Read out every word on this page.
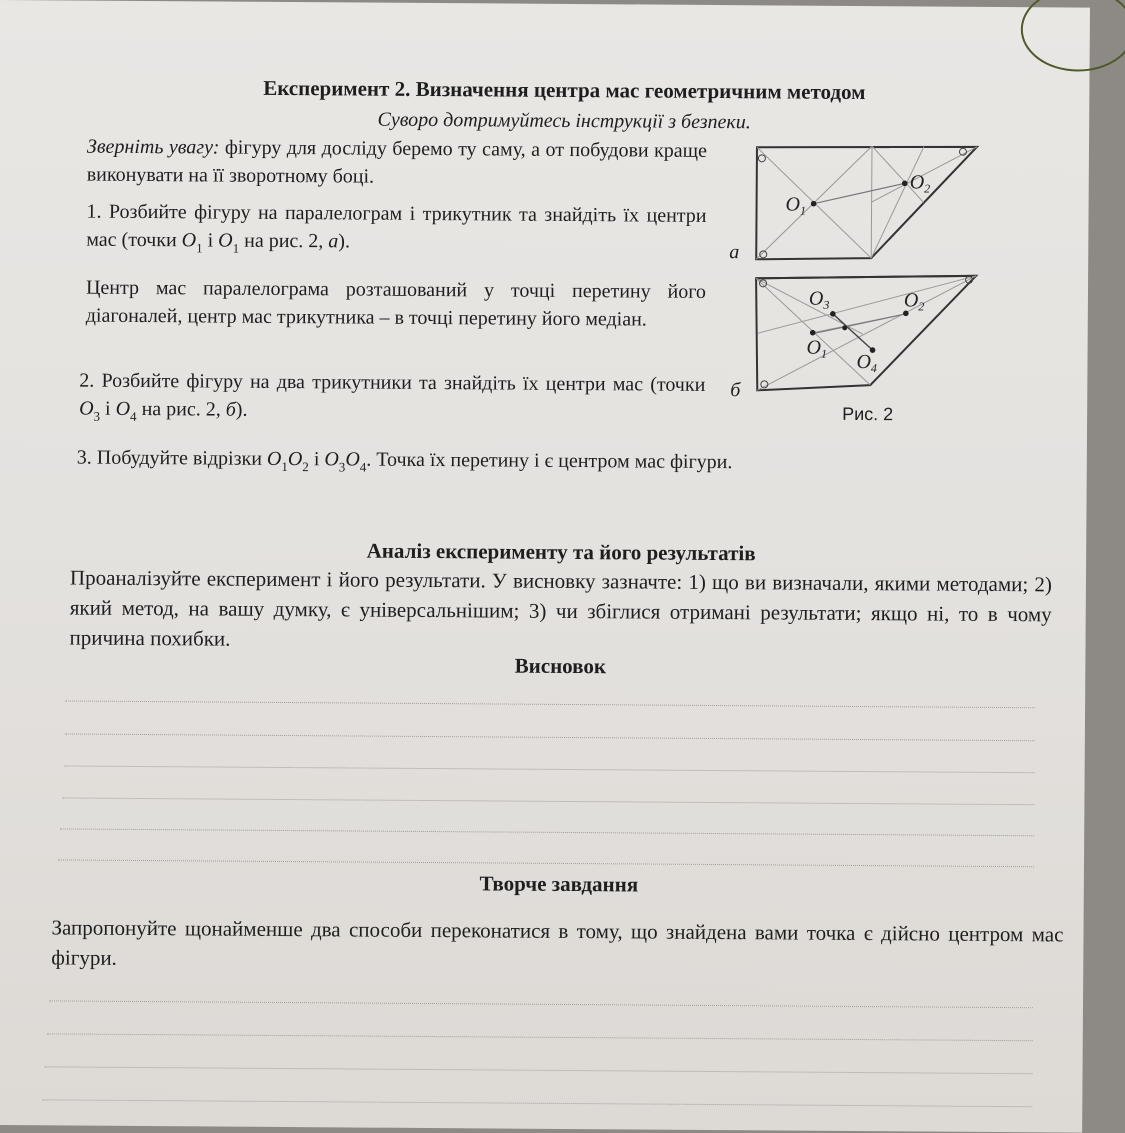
Експеримент 2. Визначення центра мас геометричним методом
Суворо дотримуйтесь інструкції з безпеки.
Зверніть увагу: фігуру для досліду беремо ту саму, а от побудови краще виконувати на її зворотному боці.
1. Розбийте фігуру на паралелограм і трикутник та знайдіть їх центри мас (точки $O_1$ і $O_1$ на рис. 2, а).
Центр мас паралелограма розташований у точці перетину його діагоналей, центр мас трикутника – в точці перетину його медіан.
2. Розбийте фігуру на два трикутники та знайдіть їх центри мас (точки $O_3$ і $O_4$ на рис. 2, б).
3. Побудуйте відрізки $O_1O_2$ і $O_3O_4$. Точка їх перетину і є центром мас фігури.
$O_1$
$O_2$
$O_3$	$O_2$
$O_1$ $O_4$
а
б
Рис. 2
Аналіз експерименту та його результатів
Проаналізуйте експеримент і його результати. У висновку зазначте: 1) що ви визначали, якими методами; 2) який метод, на вашу думку, є універсальнішим; 3) чи збіглися отримані результати; якщо ні, то в чому причина похибки.
Висновок
Творче завдання
Запропонуйте щонайменше два способи переконатися в тому, що знайдена вами точка є дійсно центром мас фігури.
